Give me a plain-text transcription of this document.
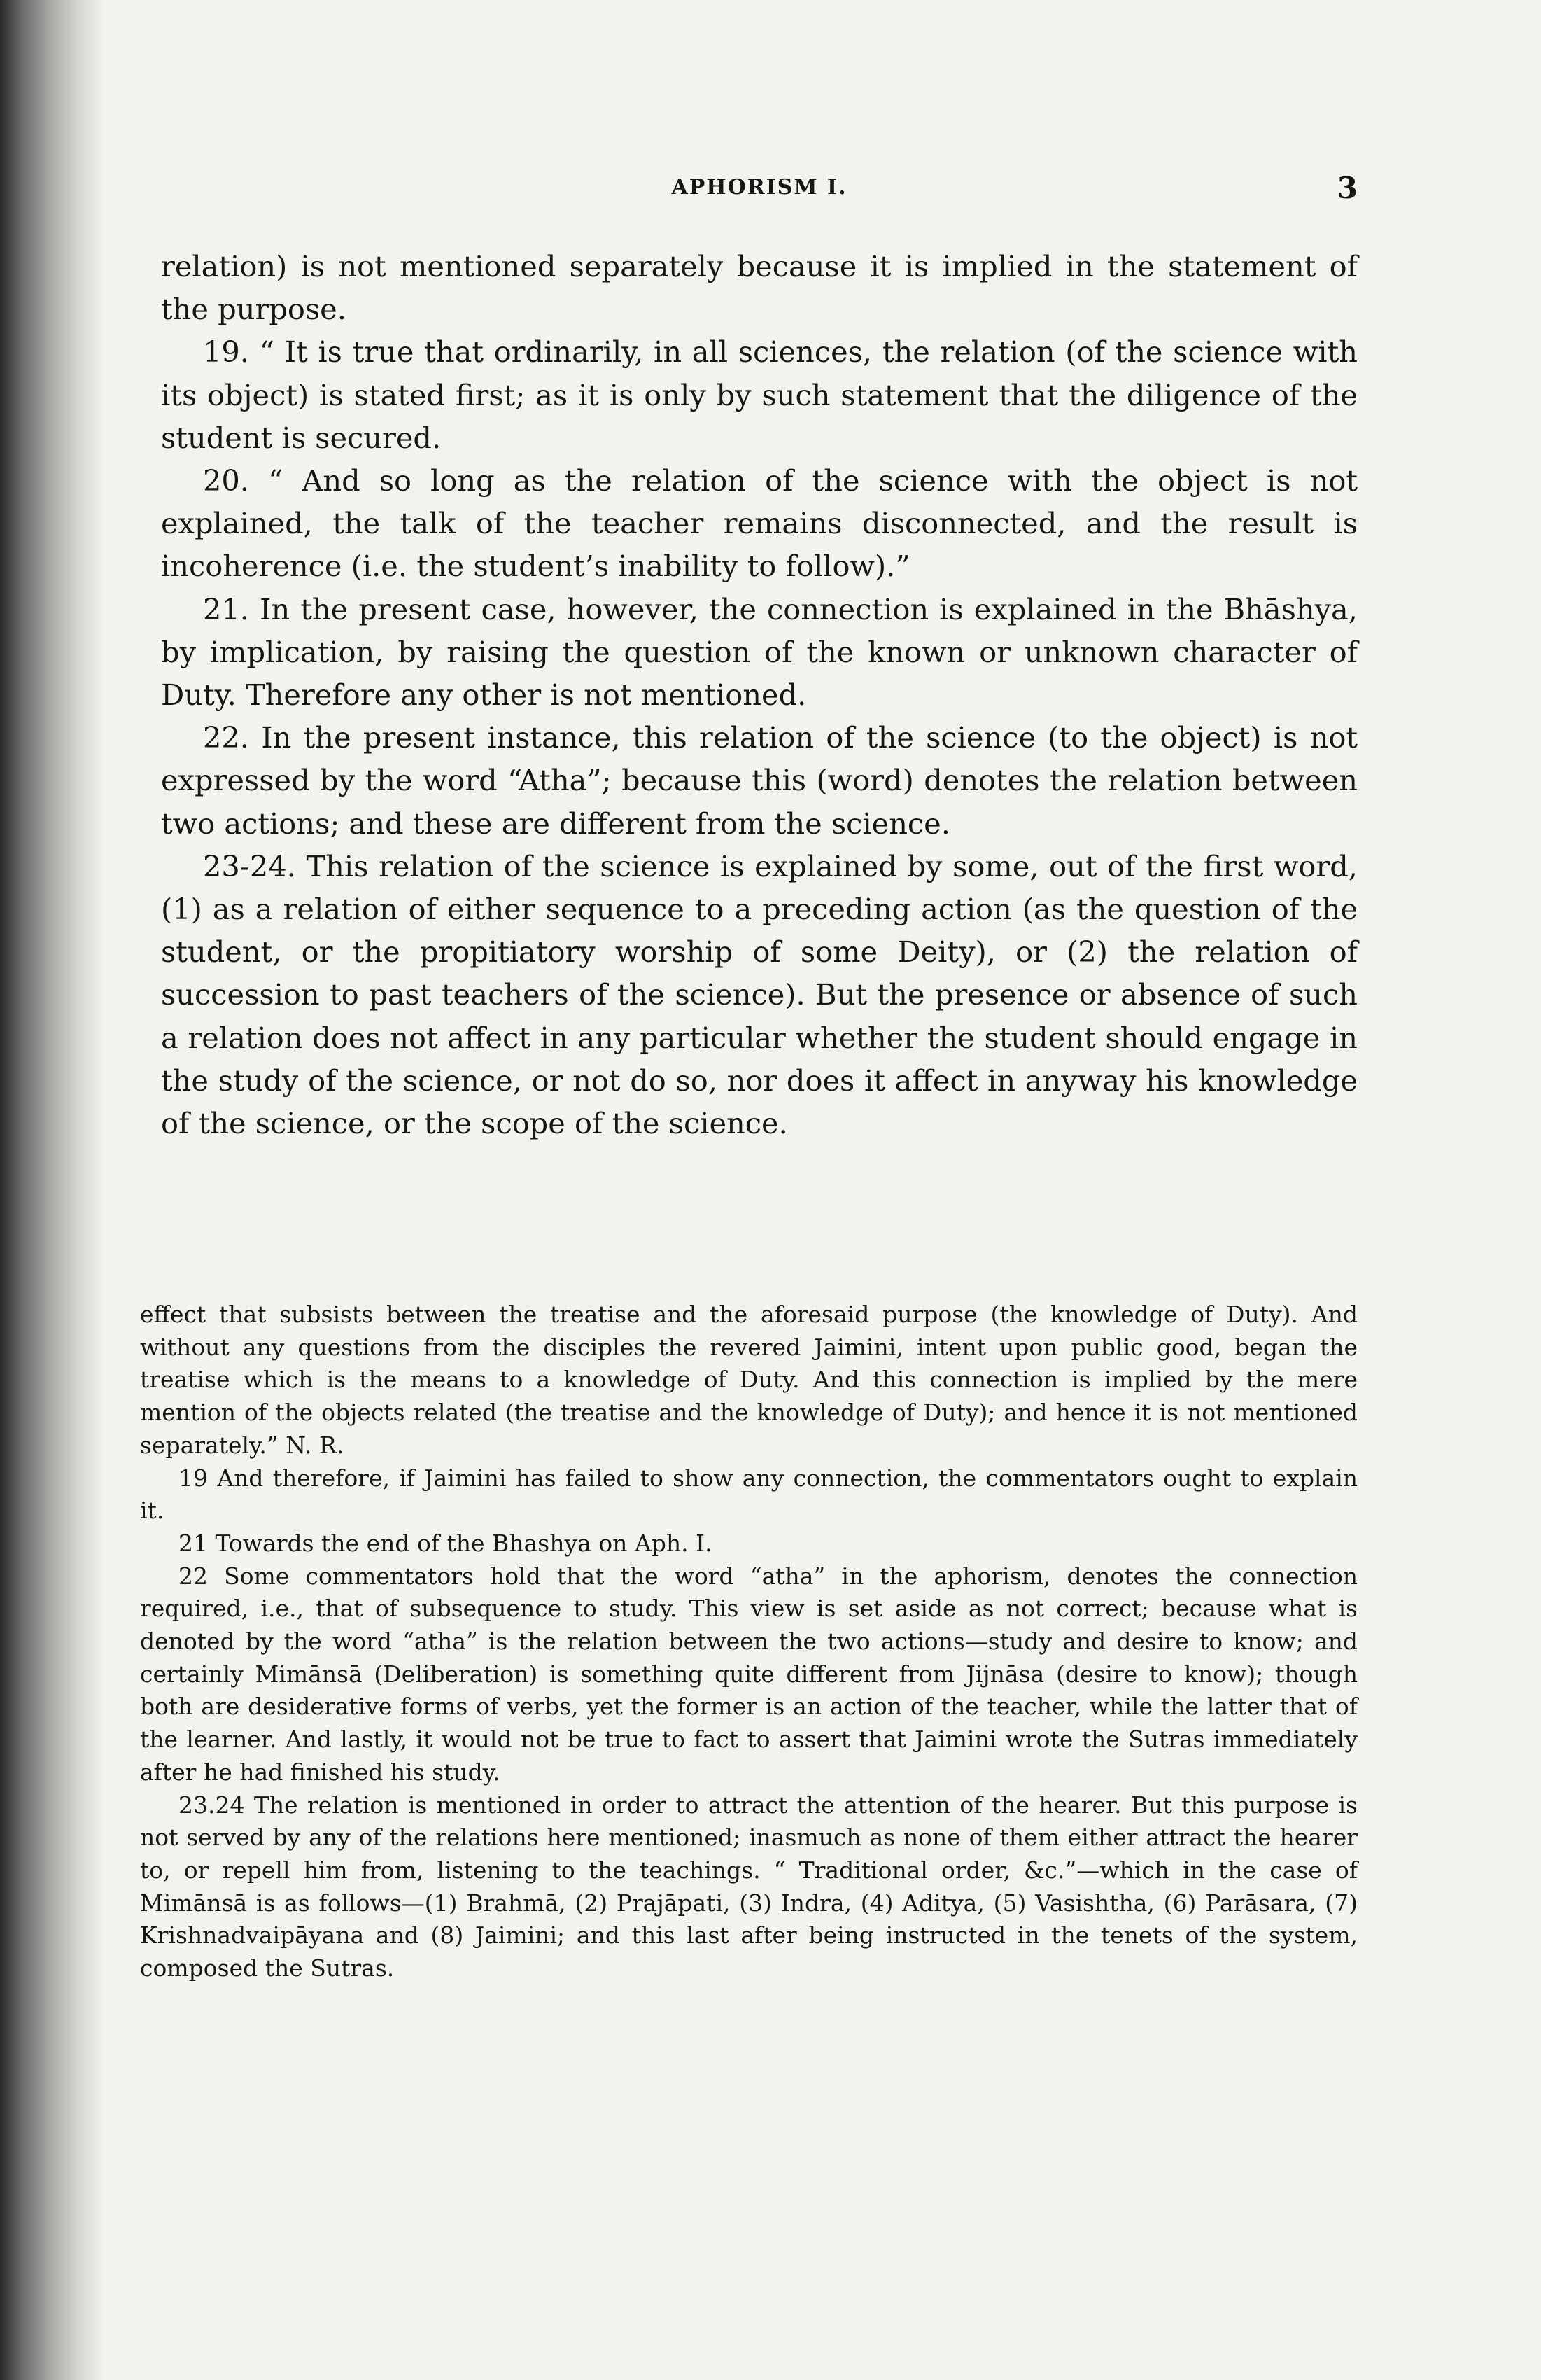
APHORISM I.	3

relation) is not mentioned separately because it is implied in the statement of the purpose.

19. “ It is true that ordinarily, in all sciences, the relation (of the science with its object) is stated first; as it is only by such statement that the diligence of the student is secured.

20. “ And so long as the relation of the science with the object is not explained, the talk of the teacher remains disconnected, and the result is incoherence (i.e. the student’s inability to follow).”

21. In the present case, however, the connection is explained in the Bhāshya, by implication, by raising the question of the known or unknown character of Duty. Therefore any other is not mentioned.

22. In the present instance, this relation of the science (to the object) is not expressed by the word “Atha”; because this (word) denotes the relation between two actions; and these are different from the science.

23-24. This relation of the science is explained by some, out of the first word, (1) as a relation of either sequence to a preceding action (as the question of the student, or the propitiatory worship of some Deity), or (2) the relation of succession to past teachers of the science). But the presence or absence of such a relation does not affect in any particular whether the student should engage in the study of the science, or not do so, nor does it affect in anyway his knowledge of the science, or the scope of the science.

effect that subsists between the treatise and the aforesaid purpose (the knowledge of Duty). And without any questions from the disciples the revered Jaimini, intent upon public good, began the treatise which is the means to a knowledge of Duty. And this connection is implied by the mere mention of the objects related (the treatise and the knowledge of Duty); and hence it is not mentioned separately.” N. R.

19 And therefore, if Jaimini has failed to show any connection, the commentators ought to explain it.

21 Towards the end of the Bhashya on Aph. I.

22 Some commentators hold that the word “atha” in the aphorism, denotes the connection required, i.e., that of subsequence to study. This view is set aside as not correct; because what is denoted by the word “atha” is the relation between the two actions—study and desire to know; and certainly Mimānsā (Deliberation) is something quite different from Jijnāsa (desire to know); though both are desiderative forms of verbs, yet the former is an action of the teacher, while the latter that of the learner. And lastly, it would not be true to fact to assert that Jaimini wrote the Sutras immediately after he had finished his study.

23.24 The relation is mentioned in order to attract the attention of the hearer. But this purpose is not served by any of the relations here mentioned; inasmuch as none of them either attract the hearer to, or repell him from, listening to the teachings. “ Traditional order, &c.”—which in the case of Mimānsā is as follows—(1) Brahmā, (2) Prajāpati, (3) Indra, (4) Aditya, (5) Vasishtha, (6) Parāsara, (7) Krishnadvaipāyana and (8) Jaimini; and this last after being instructed in the tenets of the system, composed the Sutras.
